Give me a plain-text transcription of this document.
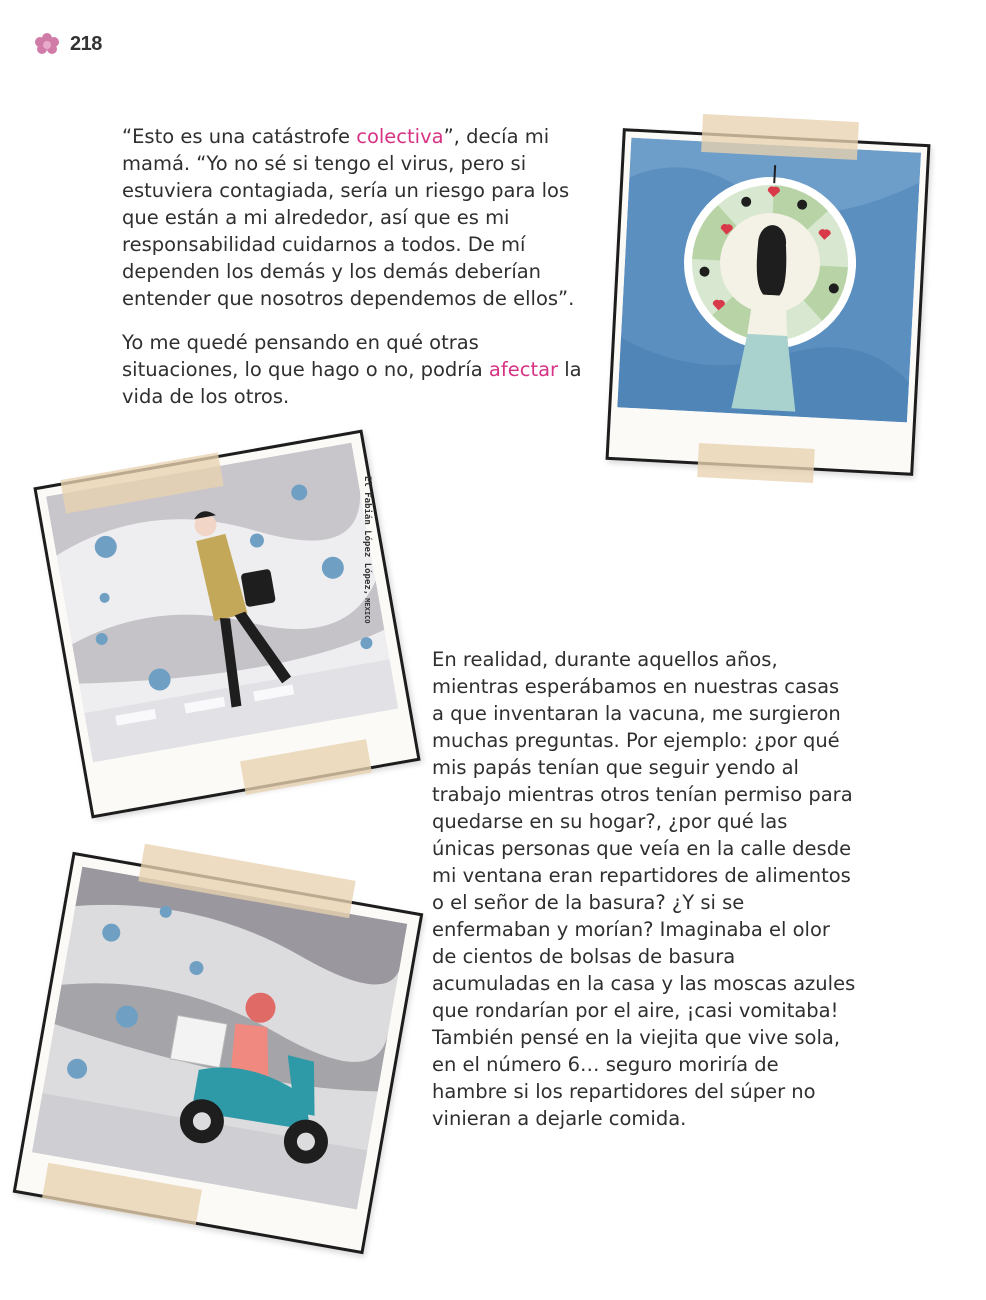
218

“Esto es una catástrofe colectiva”, decía mi mamá. “Yo no sé si tengo el virus, pero si estuviera contagiada, sería un riesgo para los que están a mi alrededor, así que es mi responsabilidad cuidarnos a todos. De mí dependen los demás y los demás deberían entender que nosotros dependemos de ellos”.

Yo me quedé pensando en qué otras situaciones, lo que hago o no, podría afectar la vida de los otros.

En realidad, durante aquellos años, mientras esperábamos en nuestras casas a que inventaran la vacuna, me surgieron muchas preguntas. Por ejemplo: ¿por qué mis papás tenían que seguir yendo al trabajo mientras otros tenían permiso para quedarse en su hogar?, ¿por qué las únicas personas que veía en la calle desde mi ventana eran repartidores de alimentos o el señor de la basura? ¿Y si se enfermaban y morían? Imaginaba el olor de cientos de bolsas de basura acumuladas en la casa y las moscas azules que rondarían por el aire, ¡casi vomitaba! También pensé en la viejita que vive sola, en el número 6… seguro moriría de hambre si los repartidores del súper no vinieran a dejarle comida.

El Fabián López López,MEXICO
